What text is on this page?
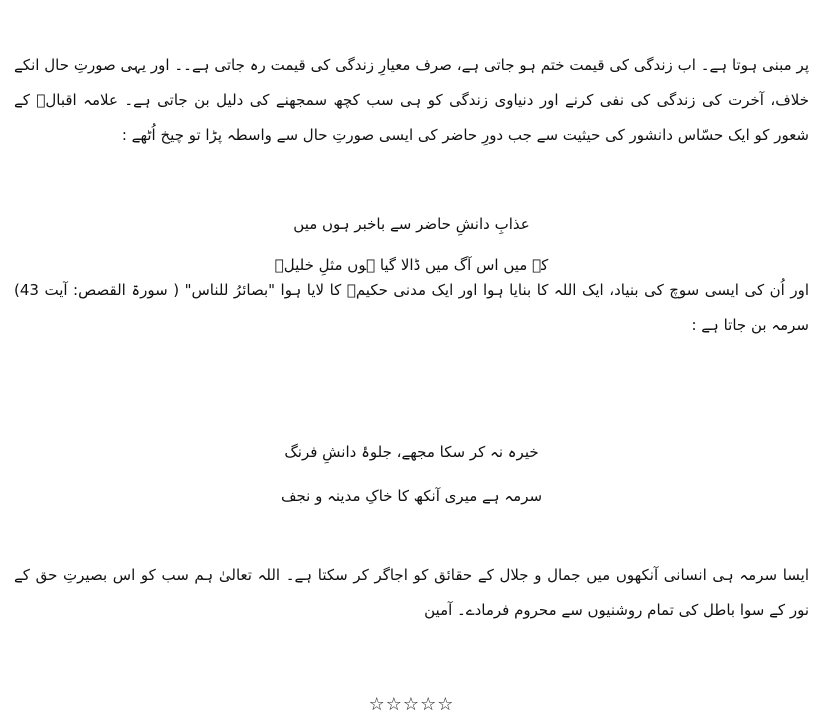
پر مبنی ہوتا ہے۔ اب زندگی کی قیمت ختم ہو جاتی ہے، صرف معیارِ زندگی کی قیمت رہ جاتی ہے۔۔ اور یہی صورتِ حال انکے خلاف، آخرت کی زندگی کی نفی کرنے اور دنیاوی زندگی کو ہی سب کچھ سمجھنے کی دلیل بن جاتی ہے۔ علامہ اقبالؒ کے شعور کو ایک حسّاس دانشور کی حیثیت سے جب دورِ حاضر کی ایسی صورتِ حال سے واسطہ پڑا تو چیخ اُٹھے :

عذابِ دانشِ حاضر سے باخبر ہوں میں
کہ میں اس آگ میں ڈالا گیا ہوں مثلِ خلیلؑ

اور اُن کی ایسی سوچ کی بنیاد، ایک اللہ کا بنایا ہوا اور ایک مدنی حکیمؐ کا لایا ہوا "بصائرُ للناس" ( سورۃ القصص: آیت 43) سرمہ بن جاتا ہے :

خیرہ نہ کر سکا مجھے، جلوۂ دانشِ فرنگ
سرمہ ہے میری آنکھ کا خاکِ مدینہ و نجف

ایسا سرمہ ہی انسانی آنکھوں میں جمال و جلال کے حقائق کو اجاگر کر سکتا ہے۔ اللہ تعالیٰ ہم سب کو اس بصیرتِ حق کے نور کے سوا باطل کی تمام روشنیوں سے محروم فرمادے۔ آمین

☆☆☆☆☆
